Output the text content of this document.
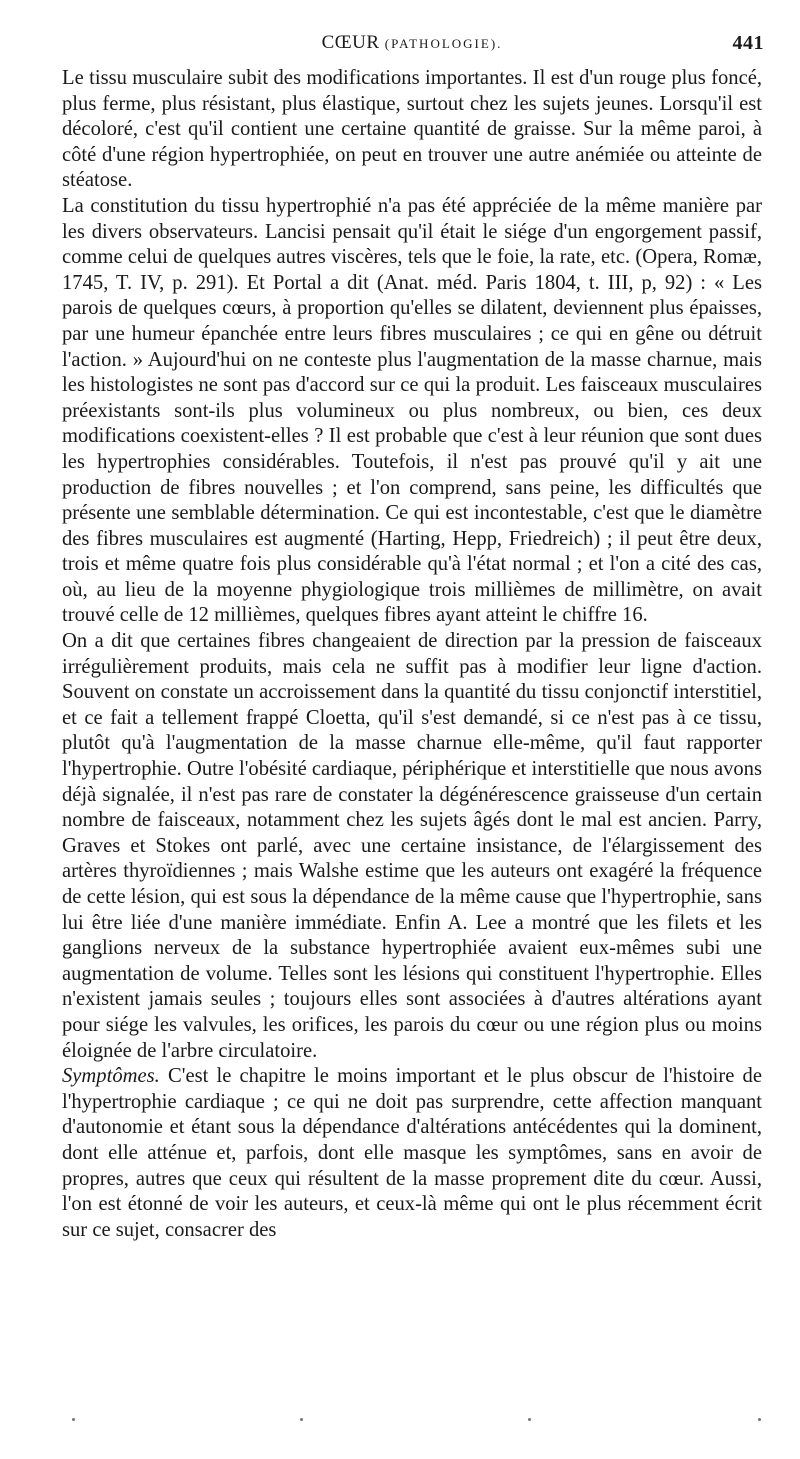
CŒUR (PATHOLOGIE).	441

Le tissu musculaire subit des modifications importantes. Il est d'un rouge plus foncé, plus ferme, plus résistant, plus élastique, surtout chez les sujets jeunes. Lorsqu'il est décoloré, c'est qu'il contient une certaine quantité de graisse. Sur la même paroi, à côté d'une région hypertrophiée, on peut en trouver une autre anémiée ou atteinte de stéatose.

La constitution du tissu hypertrophié n'a pas été appréciée de la même manière par les divers observateurs. Lancisi pensait qu'il était le siége d'un engorgement passif, comme celui de quelques autres viscères, tels que le foie, la rate, etc. (Opera, Romæ, 1745, T. IV, p. 291). Et Portal a dit (Anat. méd. Paris 1804, t. III, p, 92) : « Les parois de quelques cœurs, à proportion qu'elles se dilatent, deviennent plus épaisses, par une humeur épanchée entre leurs fibres musculaires ; ce qui en gêne ou détruit l'action. » Aujourd'hui on ne conteste plus l'augmentation de la masse charnue, mais les histologistes ne sont pas d'accord sur ce qui la produit. Les faisceaux musculaires préexistants sont-ils plus volumineux ou plus nombreux, ou bien, ces deux modifications coexistent-elles ? Il est probable que c'est à leur réunion que sont dues les hypertrophies considérables. Toutefois, il n'est pas prouvé qu'il y ait une production de fibres nouvelles ; et l'on comprend, sans peine, les difficultés que présente une semblable détermination. Ce qui est incontestable, c'est que le diamètre des fibres musculaires est augmenté (Harting, Hepp, Friedreich) ; il peut être deux, trois et même quatre fois plus considérable qu'à l'état normal ; et l'on a cité des cas, où, au lieu de la moyenne phygiologique trois millièmes de millimètre, on avait trouvé celle de 12 millièmes, quelques fibres ayant atteint le chiffre 16.

On a dit que certaines fibres changeaient de direction par la pression de faisceaux irrégulièrement produits, mais cela ne suffit pas à modifier leur ligne d'action. Souvent on constate un accroissement dans la quantité du tissu conjonctif interstitiel, et ce fait a tellement frappé Cloetta, qu'il s'est demandé, si ce n'est pas à ce tissu, plutôt qu'à l'augmentation de la masse charnue elle-même, qu'il faut rapporter l'hypertrophie. Outre l'obésité cardiaque, périphérique et interstitielle que nous avons déjà signalée, il n'est pas rare de constater la dégénérescence graisseuse d'un certain nombre de faisceaux, notamment chez les sujets âgés dont le mal est ancien. Parry, Graves et Stokes ont parlé, avec une certaine insistance, de l'élargissement des artères thyroïdiennes ; mais Walshe estime que les auteurs ont exagéré la fréquence de cette lésion, qui est sous la dépendance de la même cause que l'hypertrophie, sans lui être liée d'une manière immédiate. Enfin A. Lee a montré que les filets et les ganglions nerveux de la substance hypertrophiée avaient eux-mêmes subi une augmentation de volume. Telles sont les lésions qui constituent l'hypertrophie. Elles n'existent jamais seules ; toujours elles sont associées à d'autres altérations ayant pour siége les valvules, les orifices, les parois du cœur ou une région plus ou moins éloignée de l'arbre circulatoire.

Symptômes. C'est le chapitre le moins important et le plus obscur de l'histoire de l'hypertrophie cardiaque ; ce qui ne doit pas surprendre, cette affection manquant d'autonomie et étant sous la dépendance d'altérations antécédentes qui la dominent, dont elle atténue et, parfois, dont elle masque les symptômes, sans en avoir de propres, autres que ceux qui résultent de la masse proprement dite du cœur. Aussi, l'on est étonné de voir les auteurs, et ceux-là même qui ont le plus récemment écrit sur ce sujet, consacrer des
